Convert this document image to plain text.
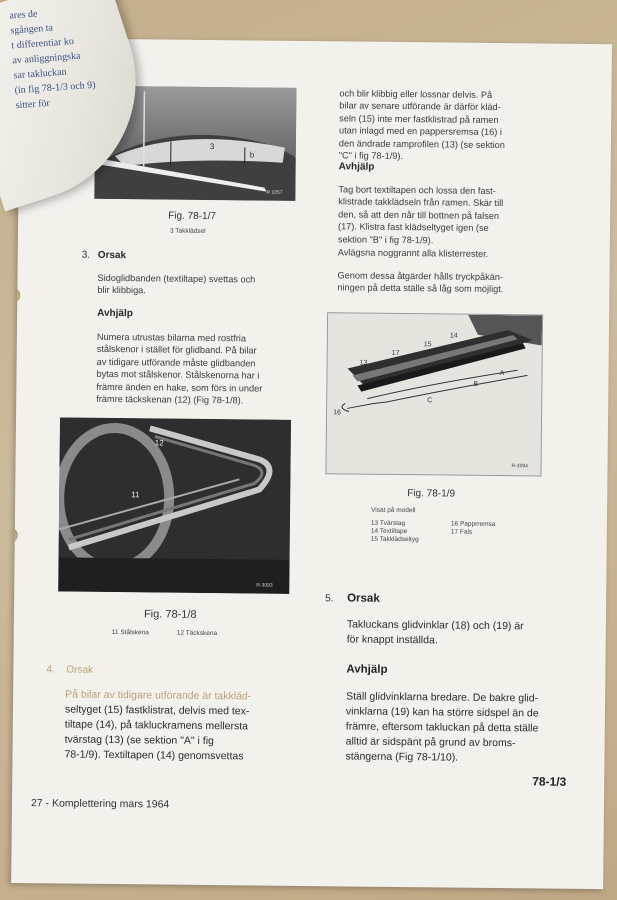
3
b
R 1057
Fig. 78-1/7
3 Takklädsel
3. Orsak
Sidoglidbanden (textiltape) svettas och
blir klibbiga.
Avhjälp
Numera utrustas bilarna med rostfria
stålskenor i stället för glidband. På bilar
av tidigare utförande måste glidbanden
bytas mot stålskenor. Stålskenorna har i
främre änden en hake, som förs in under
främre täckskenan (12) (Fig 78-1/8).
12
11
R-3093
Fig. 78-1/8
11 Stålskena	12 Täckskena
4. Orsak
På bilar av tidigare utförande är takkläd-
seltyget (15) fastklistrat, delvis med tex-
tiltape (14), på takluckramens mellersta
tvärstag (13) (se sektion "A" i fig
78-1/9). Textiltapen (14) genomsvettas
och blir klibbig eller lossnar delvis. På
bilar av senare utförande är därför kläd-
seln (15) inte mer fastklistrad på ramen
utan inlagd med en pappersremsa (16) i
den ändrade ramprofilen (13) (se sektion
"C" i fig 78-1/9).
Avhjälp
Tag bort textiltapen och lossa den fast-
klistrade takklädseln från ramen. Skär till
den, så att den når till bottnen på falsen
(17). Klistra fast klädseltyget igen (se
sektion "B" i fig 78-1/9).
Avlägsna noggrannt alla klisterrester.
Genom dessa åtgärder hålls tryckpåkän-
ningen på detta ställe så låg som möjligt.
14
15
17
13
A
B
C
16
R-3094
Fig. 78-1/9
Visat på modell
13 Tvärstag	16 Papprremsa
14 Textiltape	17 Fals
15 Takklädseltyg
5. Orsak
Takluckans glidvinklar (18) och (19) är
för knappt inställda.
Avhjälp
Ställ glidvinklarna bredare. De bakre glid-
vinklarna (19) kan ha större sidspel än de
främre, eftersom takluckan på detta ställe
alltid är sidspänt på grund av broms-
stängerna (Fig 78-1/10).
78-1/3
27 - Komplettering mars 1964
ares de
sgången ta
t differentiar ko
av anliggningska
sar takluckan
(in fig 78-1/3 och 9)
sitter för
